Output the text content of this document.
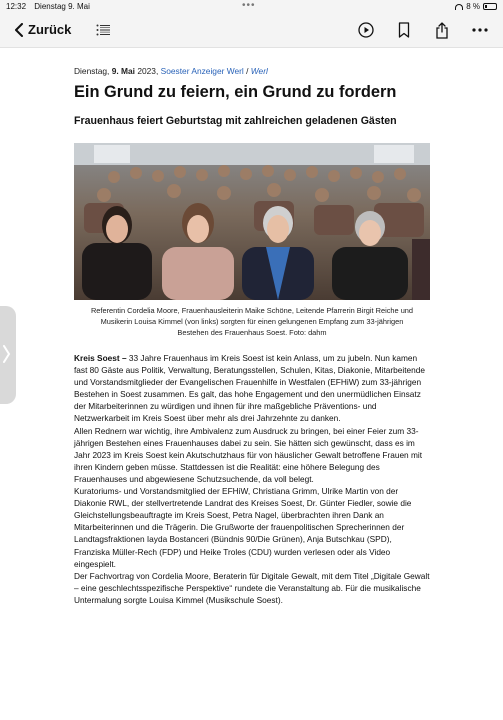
12:32 Dienstag 9. Mai	•••	8 %
Zurück
Dienstag, 9. Mai 2023, Soester Anzeiger Werl / Werl
Ein Grund zu feiern, ein Grund zu fordern
Frauenhaus feiert Geburtstag mit zahlreichen geladenen Gästen
Referentin Cordelia Moore, Frauenhausleiterin Maike Schöne, Leitende Pfarrerin Birgit Reiche und Musikerin Louisa Kimmel (von links) sorgten für einen gelungenen Empfang zum 33-jährigen Bestehen des Frauenhaus Soest. Foto: dahm

Kreis Soest – 33 Jahre Frauenhaus im Kreis Soest ist kein Anlass, um zu jubeln. Nun kamen fast 80 Gäste aus Politik, Verwaltung, Beratungsstellen, Schulen, Kitas, Diakonie, Mitarbeitende und Vorstandsmitglieder der Evangelischen Frauenhilfe in Westfalen (EFHiW) zum 33-jährigen Bestehen in Soest zusammen. Es galt, das hohe Engagement und den unermüdlichen Einsatz der Mitarbeiterinnen zu würdigen und ihnen für ihre maßgebliche Präventions- und Netzwerkarbeit im Kreis Soest über mehr als drei Jahrzehnte zu danken.

Allen Rednern war wichtig, ihre Ambivalenz zum Ausdruck zu bringen, bei einer Feier zum 33-jährigen Bestehen eines Frauenhauses dabei zu sein. Sie hätten sich gewünscht, dass es im Jahr 2023 im Kreis Soest kein Akutschutzhaus für von häuslicher Gewalt betroffene Frauen mit ihren Kindern geben müsse. Stattdessen ist die Realität: eine höhere Belegung des Frauenhauses und abgewiesene Schutzsuchende, da voll belegt.

Kuratoriums- und Vorstandsmitglied der EFHiW, Christiana Grimm, Ulrike Martin von der Diakonie RWL, der stellvertretende Landrat des Kreises Soest, Dr. Günter Fiedler, sowie die Gleichstellungsbeauftragte im Kreis Soest, Petra Nagel, überbrachten ihren Dank an Mitarbeiterinnen und die Trägerin. Die Grußworte der frauenpolitischen Sprecherinnen der Landtagsfraktionen Iayda Bostanceri (Bündnis 90/Die Grünen), Anja Butschkau (SPD), Franziska Müller-Rech (FDP) und Heike Troles (CDU) wurden verlesen oder als Video eingespielt.

Der Fachvortrag von Cordelia Moore, Beraterin für Digitale Gewalt, mit dem Titel „Digitale Gewalt – eine geschlechtsspezifische Perspektive“ rundete die Veranstaltung ab. Für die musikalische Untermalung sorgte Louisa Kimmel (Musikschule Soest).
